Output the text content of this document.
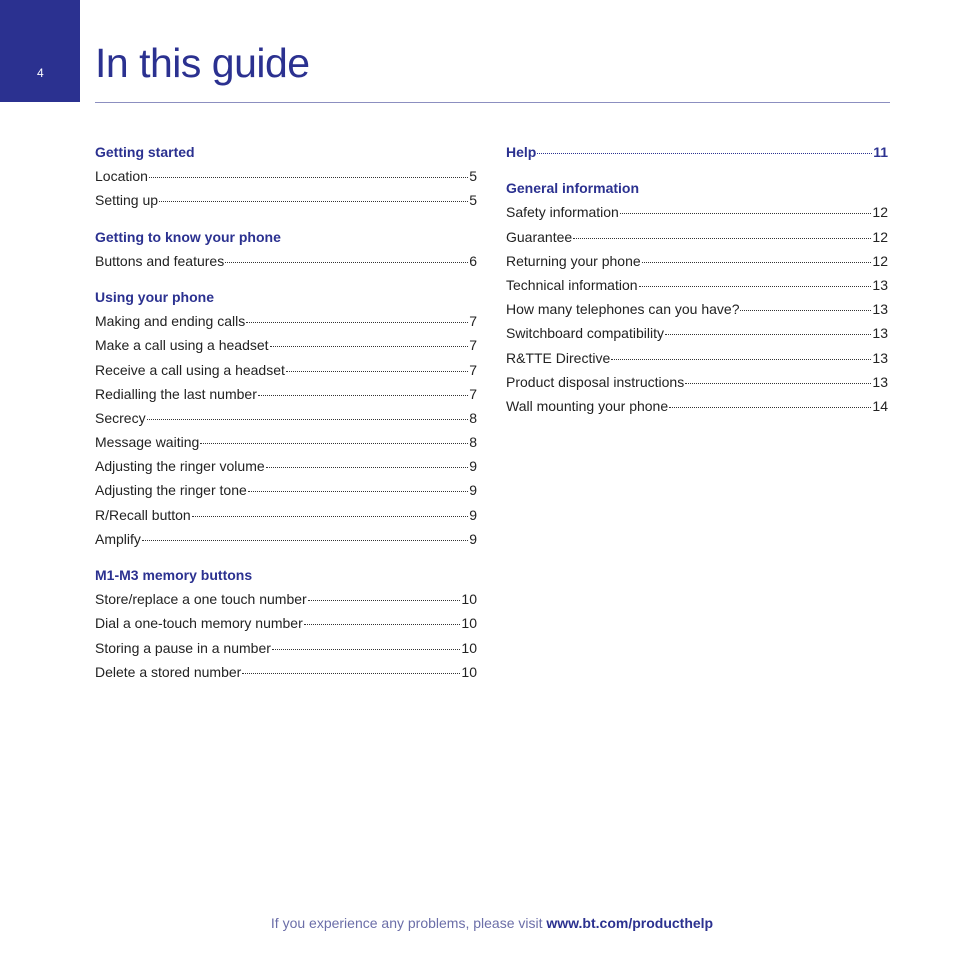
4 In this guide
Getting started
Location	5
Setting up	5
Getting to know your phone
Buttons and features	6
Using your phone
Making and ending calls	7
Make a call using a headset	7
Receive a call using a headset	7
Redialling the last number	7
Secrecy	8
Message waiting	8
Adjusting the ringer volume	9
Adjusting the ringer tone	9
R/Recall button	9
Amplify	9
M1-M3 memory buttons
Store/replace a one touch number	10
Dial a one-touch memory number	10
Storing a pause in a number	10
Delete a stored number	10
Help	11
General information
Safety information	12
Guarantee	12
Returning your phone	12
Technical information	13
How many telephones can you have?	13
Switchboard compatibility	13
R&TTE Directive	13
Product disposal instructions	13
Wall mounting your phone	14
If you experience any problems, please visit www.bt.com/producthelp
